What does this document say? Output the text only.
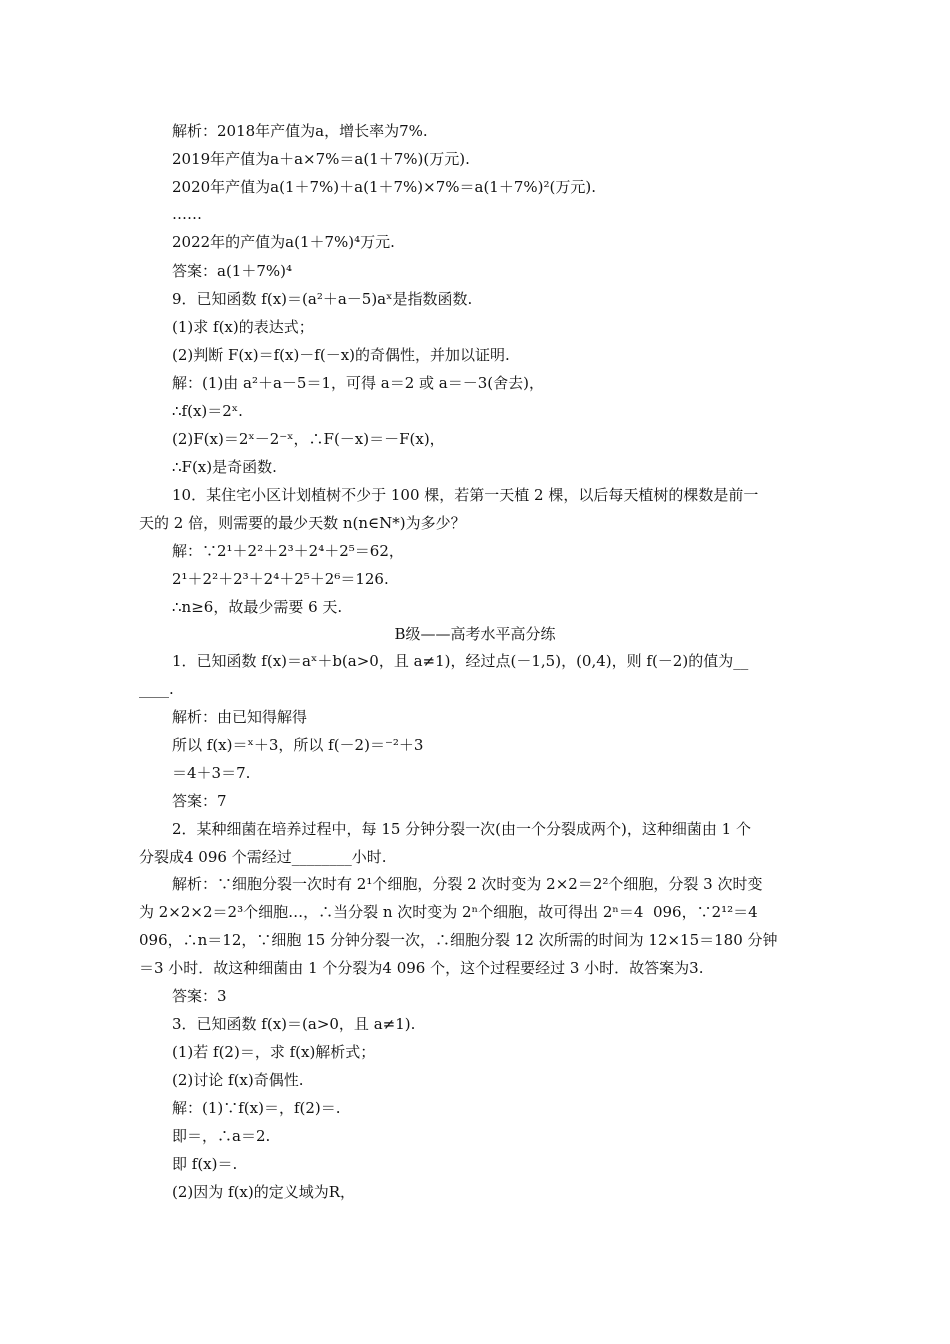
解析：2018年产值为a，增长率为7%.
2019年产值为a＋a×7%＝a(1＋7%)(万元).
2020年产值为a(1＋7%)＋a(1＋7%)×7%＝a(1＋7%)²(万元).
……
2022年的产值为a(1＋7%)⁴万元.
答案：a(1＋7%)⁴
9．已知函数 f(x)＝(a²＋a－5)aˣ是指数函数.
(1)求 f(x)的表达式；
(2)判断 F(x)＝f(x)－f(－x)的奇偶性，并加以证明.
解：(1)由 a²＋a－5＝1，可得 a＝2 或 a＝－3(舍去)，
∴f(x)＝2ˣ.
(2)F(x)＝2ˣ－2⁻ˣ，∴F(－x)＝－F(x)，
∴F(x)是奇函数.
10．某住宅小区计划植树不少于 100 棵，若第一天植 2 棵，以后每天植树的棵数是前一
天的 2 倍，则需要的最少天数 n(n∈N*)为多少？
解：∵2¹＋2²＋2³＋2⁴＋2⁵＝62，
2¹＋2²＋2³＋2⁴＋2⁵＋2⁶＝126.
∴n≥6，故最少需要 6 天.
B级——高考水平高分练
1．已知函数 f(x)＝aˣ＋b(a>0，且 a≠1)，经过点(－1,5)，(0,4)，则 f(－2)的值为__
____.
解析：由已知得解得
所以 f(x)＝ˣ＋3，所以 f(－2)＝⁻²＋3
＝4＋3＝7.
答案：7
2．某种细菌在培养过程中，每 15 分钟分裂一次(由一个分裂成两个)，这种细菌由 1 个
分裂成4 096 个需经过________小时.
解析：∵细胞分裂一次时有 2¹个细胞，分裂 2 次时变为 2×2＝2²个细胞，分裂 3 次时变
为 2×2×2＝2³个细胞…，∴当分裂 n 次时变为 2ⁿ个细胞，故可得出 2ⁿ＝4  096，∵2¹²＝4
096，∴n＝12，∵细胞 15 分钟分裂一次，∴细胞分裂 12 次所需的时间为 12×15＝180 分钟
＝3 小时．故这种细菌由 1 个分裂为4 096 个，这个过程要经过 3 小时．故答案为3.
答案：3
3．已知函数 f(x)＝(a>0，且 a≠1).
(1)若 f(2)＝，求 f(x)解析式；
(2)讨论 f(x)奇偶性.
解：(1)∵f(x)＝，f(2)＝.
即＝，∴a＝2.
即 f(x)＝.
(2)因为 f(x)的定义域为R，
